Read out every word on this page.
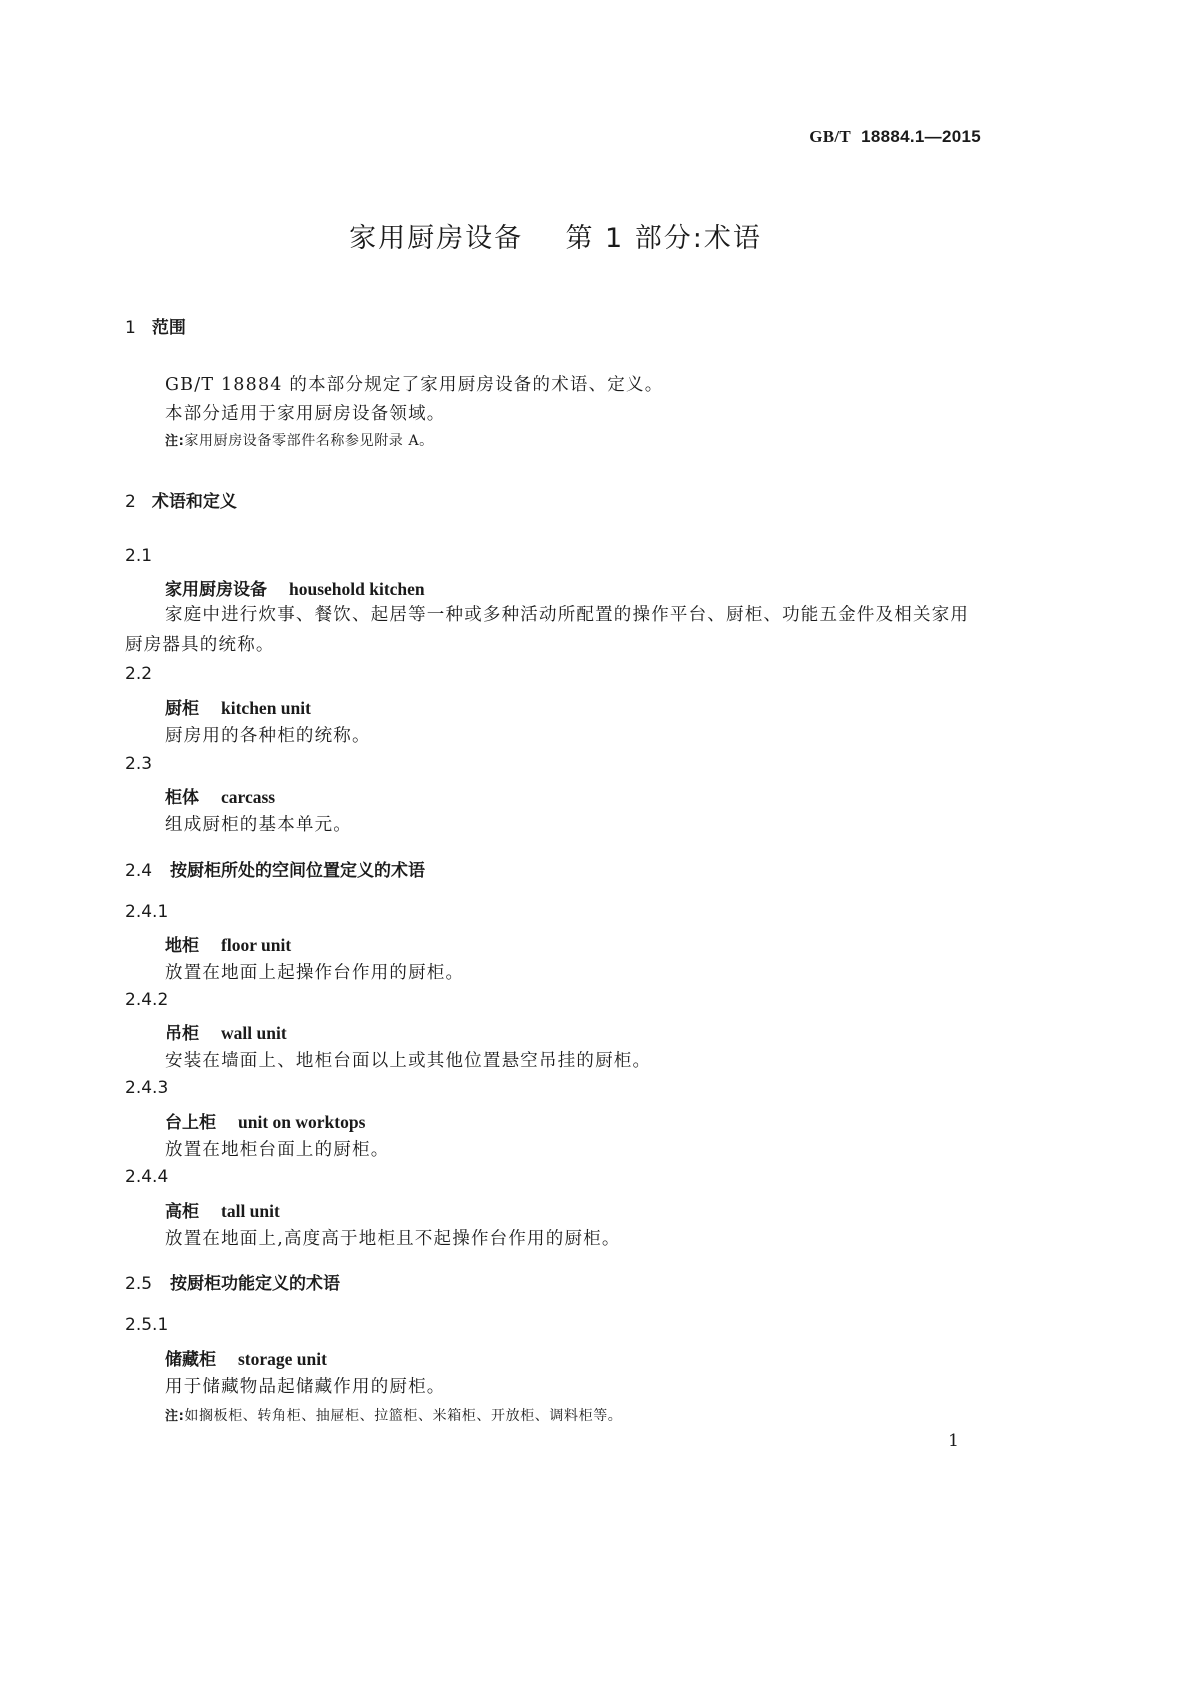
GB/T 18884.1—2015
家用厨房设备 第 1 部分:术语
1 范围
GB/T 18884 的本部分规定了家用厨房设备的术语、定义。
本部分适用于家用厨房设备领域。
注:家用厨房设备零部件名称参见附录 A。
2 术语和定义
2.1
家用厨房设备 household kitchen
家庭中进行炊事、餐饮、起居等一种或多种活动所配置的操作平台、厨柜、功能五金件及相关家用厨房器具的统称。
2.2
厨柜 kitchen unit
厨房用的各种柜的统称。
2.3
柜体 carcass
组成厨柜的基本单元。
2.4 按厨柜所处的空间位置定义的术语
2.4.1
地柜 floor unit
放置在地面上起操作台作用的厨柜。
2.4.2
吊柜 wall unit
安装在墙面上、地柜台面以上或其他位置悬空吊挂的厨柜。
2.4.3
台上柜 unit on worktops
放置在地柜台面上的厨柜。
2.4.4
高柜 tall unit
放置在地面上,高度高于地柜且不起操作台作用的厨柜。
2.5 按厨柜功能定义的术语
2.5.1
储藏柜 storage unit
用于储藏物品起储藏作用的厨柜。
注:如搁板柜、转角柜、抽屉柜、拉篮柜、米箱柜、开放柜、调料柜等。
1
